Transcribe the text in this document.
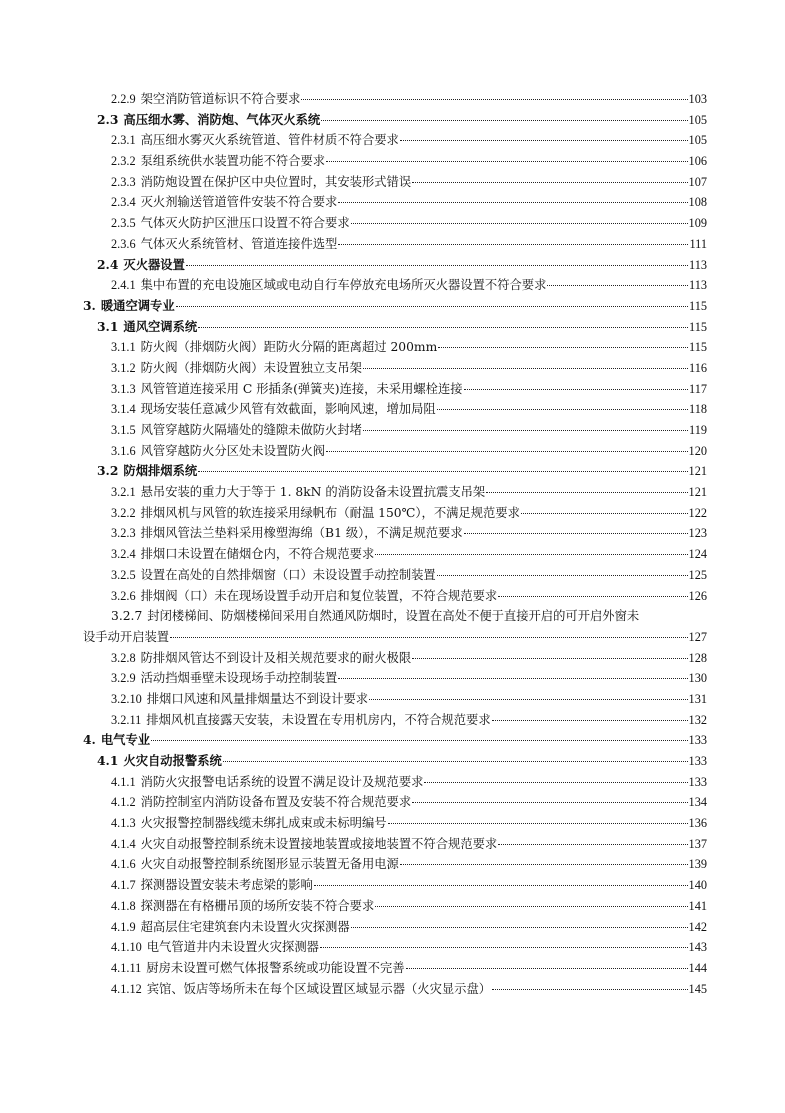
2.2.9 架空消防管道标识不符合要求	103
2.3 高压细水雾、消防炮、气体灭火系统	105
2.3.1 高压细水雾灭火系统管道、管件材质不符合要求	105
2.3.2 泵组系统供水装置功能不符合要求	106
2.3.3 消防炮设置在保护区中央位置时，其安装形式错误	107
2.3.4 灭火剂输送管道管件安装不符合要求	108
2.3.5 气体灭火防护区泄压口设置不符合要求	109
2.3.6 气体灭火系统管材、管道连接件选型	111
2.4 灭火器设置	113
2.4.1 集中布置的充电设施区域或电动自行车停放充电场所灭火器设置不符合要求	113
3. 暖通空调专业	115
3.1 通风空调系统	115
3.1.1 防火阀（排烟防火阀）距防火分隔的距离超过 200mm	115
3.1.2 防火阀（排烟防火阀）未设置独立支吊架	116
3.1.3 风管管道连接采用 C 形插条(弹簧夹)连接，未采用螺栓连接	117
3.1.4 现场安装任意减少风管有效截面，影响风速，增加局阻	118
3.1.5 风管穿越防火隔墙处的缝隙未做防火封堵	119
3.1.6 风管穿越防火分区处未设置防火阀	120
3.2 防烟排烟系统	121
3.2.1 悬吊安装的重力大于等于 1. 8kN 的消防设备未设置抗震支吊架	121
3.2.2 排烟风机与风管的软连接采用绿帆布（耐温 150℃），不满足规范要求	122
3.2.3 排烟风管法兰垫料采用橡塑海绵（B1 级），不满足规范要求	123
3.2.4 排烟口未设置在储烟仓内，不符合规范要求	124
3.2.5 设置在高处的自然排烟窗（口）未设设置手动控制装置	125
3.2.6 排烟阀（口）未在现场设置手动开启和复位装置，不符合规范要求	126
3.2.7 封闭楼梯间、防烟楼梯间采用自然通风防烟时，设置在高处不便于直接开启的可开启外窗未
设手动开启装置	127
3.2.8 防排烟风管达不到设计及相关规范要求的耐火极限	128
3.2.9 活动挡烟垂壁未设现场手动控制装置	130
3.2.10 排烟口风速和风量排烟量达不到设计要求	131
3.2.11 排烟风机直接露天安装，未设置在专用机房内，不符合规范要求	132
4. 电气专业	133
4.1 火灾自动报警系统	133
4.1.1 消防火灾报警电话系统的设置不满足设计及规范要求	133
4.1.2 消防控制室内消防设备布置及安装不符合规范要求	134
4.1.3 火灾报警控制器线缆未绑扎成束或未标明编号	136
4.1.4 火灾自动报警控制系统未设置接地装置或接地装置不符合规范要求	137
4.1.6 火灾自动报警控制系统图形显示装置无备用电源	139
4.1.7 探测器设置安装未考虑梁的影响	140
4.1.8 探测器在有格栅吊顶的场所安装不符合要求	141
4.1.9 超高层住宅建筑套内未设置火灾探测器	142
4.1.10 电气管道井内未设置火灾探测器	143
4.1.11 厨房未设置可燃气体报警系统或功能设置不完善	144
4.1.12 宾馆、饭店等场所未在每个区域设置区域显示器（火灾显示盘）	145
